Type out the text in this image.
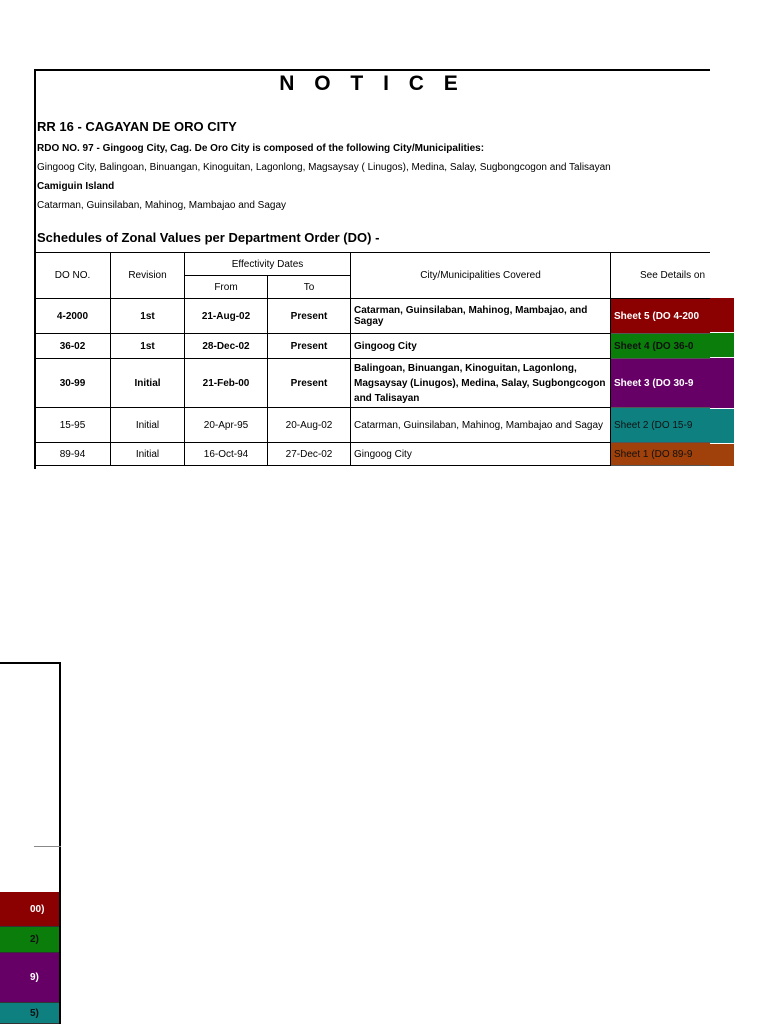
N O T I C E
RR 16 - CAGAYAN DE ORO CITY
RDO NO. 97 - Gingoog City, Cag. De Oro City is composed of the following City/Municipalities:
Gingoog City, Balingoan, Binuangan, Kinoguitan, Lagonlong, Magsaysay ( Linugos), Medina, Salay, Sugbongcogon and Talisayan
Camiguin Island
Catarman, Guinsilaban, Mahinog, Mambajao and Sagay
Schedules of Zonal Values per Department Order (DO) -
DO NO.	Revision	Effectivity Dates		City/Municipalities Covered	See Details on
		From	To		
4-2000	1st	21-Aug-02	Present	Catarman, Guinsilaban, Mahinog, Mambajao, and Sagay	Sheet 5 (DO 4-200
36-02	1st	28-Dec-02	Present	Gingoog City	Sheet 4 (DO 36-0
30-99	Initial	21-Feb-00	Present	Balingoan, Binuangan, Kinoguitan, Lagonlong, Magsaysay (Linugos), Medina, Salay, Sugbongcogon and Talisayan	Sheet 3 (DO 30-9
15-95	Initial	20-Apr-95	20-Aug-02	Catarman, Guinsilaban, Mahinog, Mambajao and Sagay	Sheet 2 (DO 15-9
89-94	Initial	16-Oct-94	27-Dec-02	Gingoog City	Sheet 1 (DO 89-9
00)
2)
9)
5)
